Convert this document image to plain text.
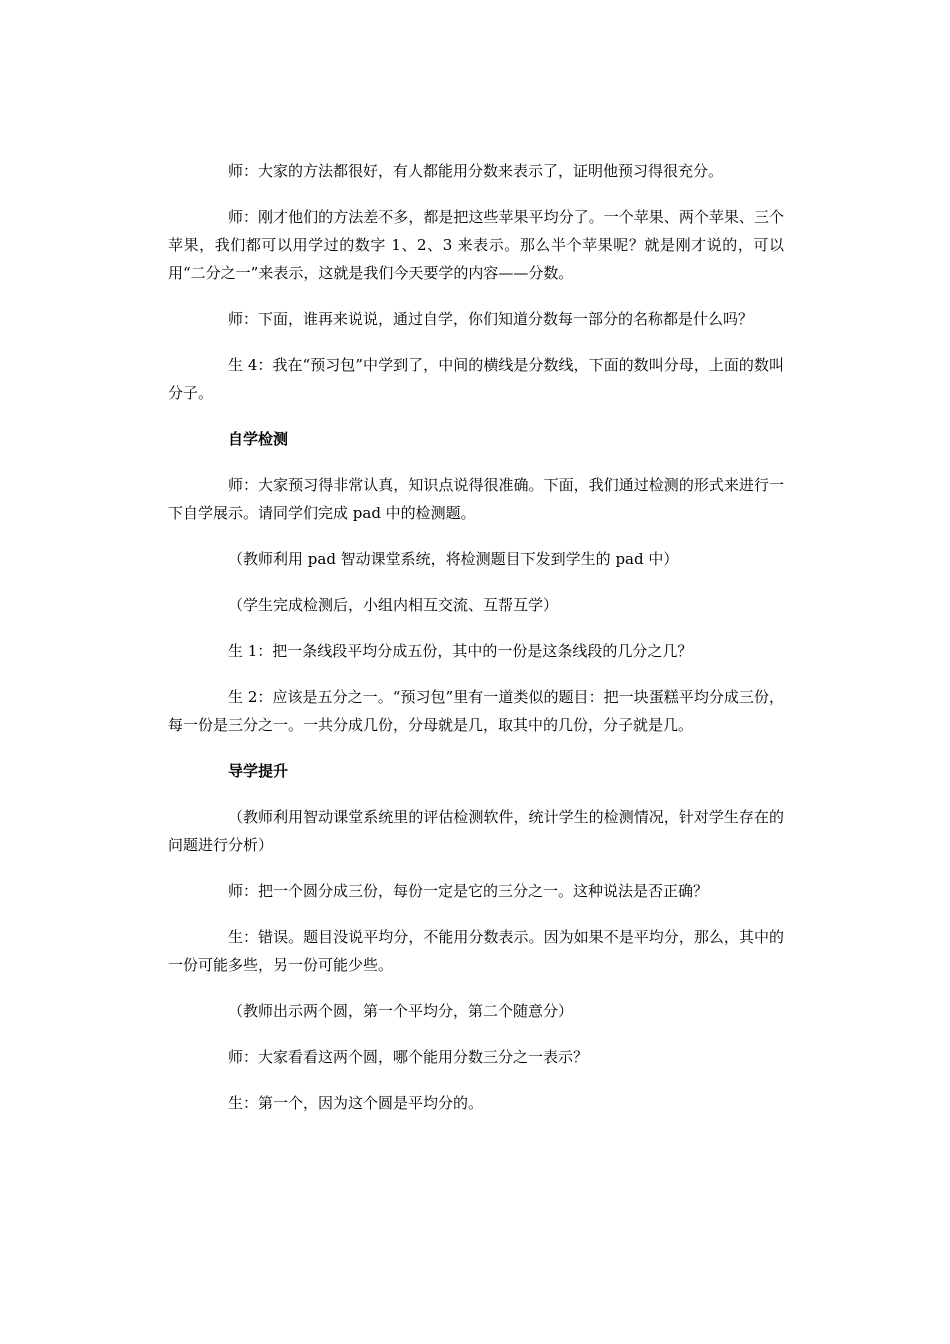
师：大家的方法都很好，有人都能用分数来表示了，证明他预习得很充分。

师：刚才他们的方法差不多，都是把这些苹果平均分了。一个苹果、两个苹果、三个苹果，我们都可以用学过的数字 1、2、3 来表示。那么半个苹果呢？就是刚才说的，可以用“二分之一”来表示，这就是我们今天要学的内容——分数。

师：下面，谁再来说说，通过自学，你们知道分数每一部分的名称都是什么吗？

生 4：我在“预习包”中学到了，中间的横线是分数线，下面的数叫分母，上面的数叫分子。

自学检测

师：大家预习得非常认真，知识点说得很准确。下面，我们通过检测的形式来进行一下自学展示。请同学们完成 pad 中的检测题。

（教师利用 pad 智动课堂系统，将检测题目下发到学生的 pad 中）

（学生完成检测后，小组内相互交流、互帮互学）

生 1：把一条线段平均分成五份，其中的一份是这条线段的几分之几？

生 2：应该是五分之一。“预习包”里有一道类似的题目：把一块蛋糕平均分成三份，每一份是三分之一。一共分成几份，分母就是几，取其中的几份，分子就是几。

导学提升

（教师利用智动课堂系统里的评估检测软件，统计学生的检测情况，针对学生存在的问题进行分析）

师：把一个圆分成三份，每份一定是它的三分之一。这种说法是否正确？

生：错误。题目没说平均分，不能用分数表示。因为如果不是平均分，那么，其中的一份可能多些，另一份可能少些。

（教师出示两个圆，第一个平均分，第二个随意分）

师：大家看看这两个圆，哪个能用分数三分之一表示？

生：第一个，因为这个圆是平均分的。
